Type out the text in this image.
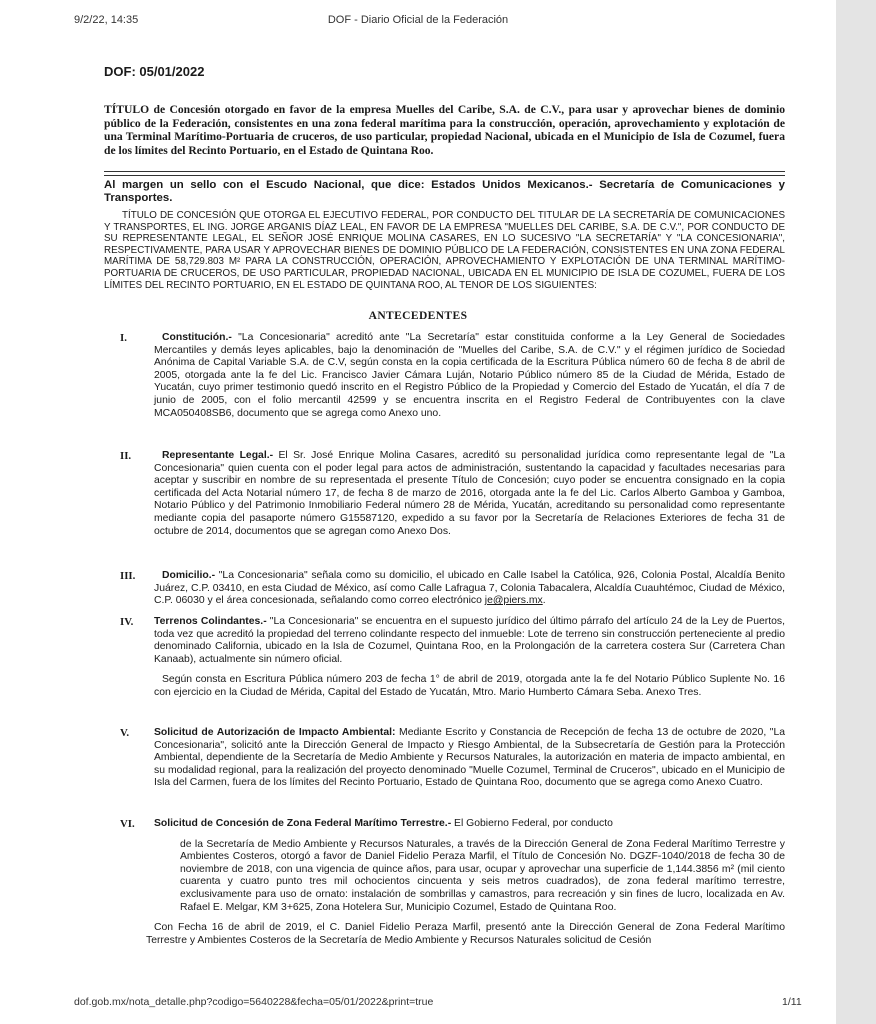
9/2/22, 14:35	DOF - Diario Oficial de la Federación
DOF: 05/01/2022
TÍTULO de Concesión otorgado en favor de la empresa Muelles del Caribe, S.A. de C.V., para usar y aprovechar bienes de dominio público de la Federación, consistentes en una zona federal marítima para la construcción, operación, aprovechamiento y explotación de una Terminal Marítimo-Portuaria de cruceros, de uso particular, propiedad Nacional, ubicada en el Municipio de Isla de Cozumel, fuera de los límites del Recinto Portuario, en el Estado de Quintana Roo.
Al margen un sello con el Escudo Nacional, que dice: Estados Unidos Mexicanos.- Secretaría de Comunicaciones y Transportes.
TÍTULO DE CONCESIÓN QUE OTORGA EL EJECUTIVO FEDERAL, POR CONDUCTO DEL TITULAR DE LA SECRETARÍA DE COMUNICACIONES Y TRANSPORTES, EL ING. JORGE ARGANIS DÍAZ LEAL, EN FAVOR DE LA EMPRESA "MUELLES DEL CARIBE, S.A. DE C.V.", POR CONDUCTO DE SU REPRESENTANTE LEGAL, EL SEÑOR JOSÉ ENRIQUE MOLINA CASARES, EN LO SUCESIVO "LA SECRETARÍA" Y "LA CONCESIONARIA", RESPECTIVAMENTE, PARA USAR Y APROVECHAR BIENES DE DOMINIO PÚBLICO DE LA FEDERACIÓN, CONSISTENTES EN UNA ZONA FEDERAL MARÍTIMA DE 58,729.803 M² PARA LA CONSTRUCCIÓN, OPERACIÓN, APROVECHAMIENTO Y EXPLOTACIÓN DE UNA TERMINAL MARÍTIMO-PORTUARIA DE CRUCEROS, DE USO PARTICULAR, PROPIEDAD NACIONAL, UBICADA EN EL MUNICIPIO DE ISLA DE COZUMEL, FUERA DE LOS LÍMITES DEL RECINTO PORTUARIO, EN EL ESTADO DE QUINTANA ROO, AL TENOR DE LOS SIGUIENTES:
ANTECEDENTES
I.	Constitución.- "La Concesionaria" acreditó ante "La Secretaría" estar constituida conforme a la Ley General de Sociedades Mercantiles y demás leyes aplicables, bajo la denominación de "Muelles del Caribe, S.A. de C.V." y el régimen jurídico de Sociedad Anónima de Capital Variable S.A. de C.V, según consta en la copia certificada de la Escritura Pública número 60 de fecha 8 de abril de 2005, otorgada ante la fe del Lic. Francisco Javier Cámara Luján, Notario Público número 85 de la Ciudad de Mérida, Estado de Yucatán, cuyo primer testimonio quedó inscrito en el Registro Público de la Propiedad y Comercio del Estado de Yucatán, el día 7 de junio de 2005, con el folio mercantil 42599 y se encuentra inscrita en el Registro Federal de Contribuyentes con la clave MCA050408SB6, documento que se agrega como Anexo uno.

II.	Representante Legal.- El Sr. José Enrique Molina Casares, acreditó su personalidad jurídica como representante legal de "La Concesionaria" quien cuenta con el poder legal para actos de administración, sustentando la capacidad y facultades necesarias para aceptar y suscribir en nombre de su representada el presente Título de Concesión; cuyo poder se encuentra consignado en la copia certificada del Acta Notarial número 17, de fecha 8 de marzo de 2016, otorgada ante la fe del Lic. Carlos Alberto Gamboa y Gamboa, Notario Público y del Patrimonio Inmobiliario Federal número 28 de Mérida, Yucatán, acreditando su personalidad como representante mediante copia del pasaporte número G15587120, expedido a su favor por la Secretaría de Relaciones Exteriores de fecha 31 de octubre de 2014, documentos que se agregan como Anexo Dos.

III.	Domicilio.- "La Concesionaria" señala como su domicilio, el ubicado en Calle Isabel la Católica, 926, Colonia Postal, Alcaldía Benito Juárez, C.P. 03410, en esta Ciudad de México, así como Calle Lafragua 7, Colonia Tabacalera, Alcaldía Cuauhtémoc, Ciudad de México, C.P. 06030 y el área concesionada, señalando como correo electrónico je@piers.mx.

IV. Terrenos Colindantes.- "La Concesionaria" se encuentra en el supuesto jurídico del último párrafo del artículo 24 de la Ley de Puertos, toda vez que acreditó la propiedad del terreno colindante respecto del inmueble: Lote de terreno sin construcción perteneciente al predio denominado California, ubicado en la Isla de Cozumel, Quintana Roo, en la Prolongación de la carretera costera Sur (Carretera Chan Kanaab), actualmente sin número oficial.

Según consta en Escritura Pública número 203 de fecha 1° de abril de 2019, otorgada ante la fe del Notario Público Suplente No. 16 con ejercicio en la Ciudad de Mérida, Capital del Estado de Yucatán, Mtro. Mario Humberto Cámara Seba. Anexo Tres.

V. Solicitud de Autorización de Impacto Ambiental: Mediante Escrito y Constancia de Recepción de fecha 13 de octubre de 2020, "La Concesionaria", solicitó ante la Dirección General de Impacto y Riesgo Ambiental, de la Subsecretaría de Gestión para la Protección Ambiental, dependiente de la Secretaría de Medio Ambiente y Recursos Naturales, la autorización en materia de impacto ambiental, en su modalidad regional, para la realización del proyecto denominado "Muelle Cozumel, Terminal de Cruceros", ubicado en el Municipio de Isla del Carmen, fuera de los límites del Recinto Portuario, Estado de Quintana Roo, documento que se agrega como Anexo Cuatro.

VI. Solicitud de Concesión de Zona Federal Marítimo Terrestre.- El Gobierno Federal, por conducto

de la Secretaría de Medio Ambiente y Recursos Naturales, a través de la Dirección General de Zona Federal Marítimo Terrestre y Ambientes Costeros, otorgó a favor de Daniel Fidelio Peraza Marfil, el Título de Concesión No. DGZF-1040/2018 de fecha 30 de noviembre de 2018, con una vigencia de quince años, para usar, ocupar y aprovechar una superficie de 1,144.3856 m² (mil ciento cuarenta y cuatro punto tres mil ochocientos cincuenta y seis metros cuadrados), de zona federal marítimo terrestre, exclusivamente para uso de ornato: instalación de sombrillas y camastros, para recreación y sin fines de lucro, localizada en Av. Rafael E. Melgar, KM 3+625, Zona Hotelera Sur, Municipio Cozumel, Estado de Quintana Roo.

Con Fecha 16 de abril de 2019, el C. Daniel Fidelio Peraza Marfil, presentó ante la Dirección General de Zona Federal Marítimo Terrestre y Ambientes Costeros de la Secretaría de Medio Ambiente y Recursos Naturales solicitud de Cesión

dof.gob.mx/nota_detalle.php?codigo=5640228&fecha=05/01/2022&print=true	1/11
